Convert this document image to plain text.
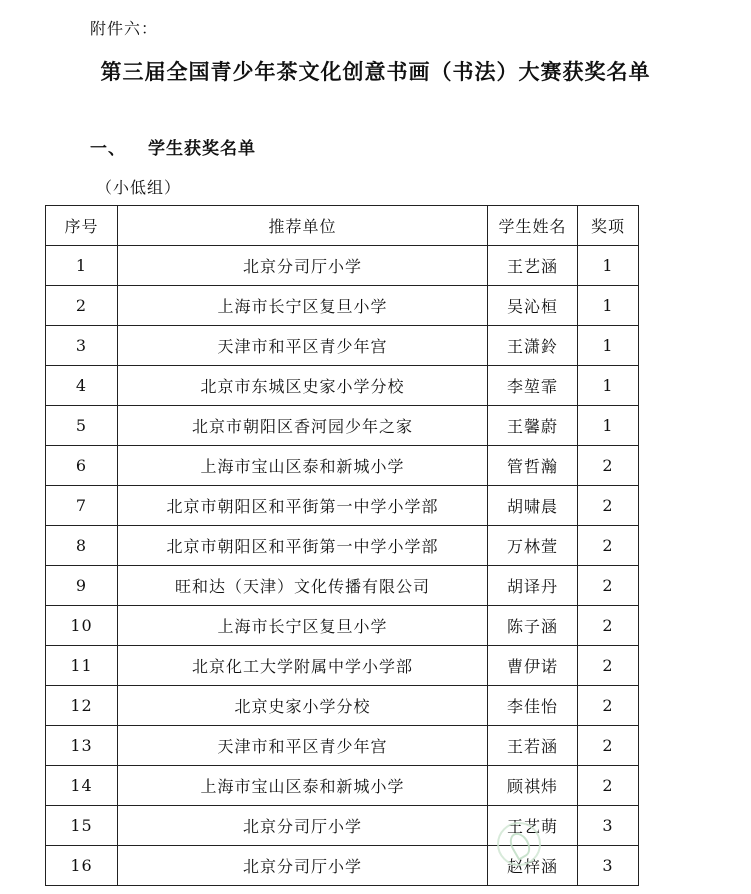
附件六：
第三届全国青少年茶文化创意书画（书法）大赛获奖名单
一、 学生获奖名单
（小低组）
序号	推荐单位	学生姓名	奖项
1	北京分司厅小学	王艺涵	1
2	上海市长宁区复旦小学	吴沁桓	1
3	天津市和平区青少年宫	王潇鈴	1
4	北京市东城区史家小学分校	李堃霏	1
5	北京市朝阳区香河园少年之家	王馨蔚	1
6	上海市宝山区泰和新城小学	管哲瀚	2
7	北京市朝阳区和平街第一中学小学部	胡啸晨	2
8	北京市朝阳区和平街第一中学小学部	万林萱	2
9	旺和达（天津）文化传播有限公司	胡译丹	2
10	上海市长宁区复旦小学	陈子涵	2
11	北京化工大学附属中学小学部	曹伊诺	2
12	北京史家小学分校	李佳怡	2
13	天津市和平区青少年宫	王若涵	2
14	上海市宝山区泰和新城小学	顾祺炜	2
15	北京分司厅小学	王艺萌	3
16	北京分司厅小学	赵梓涵	3
